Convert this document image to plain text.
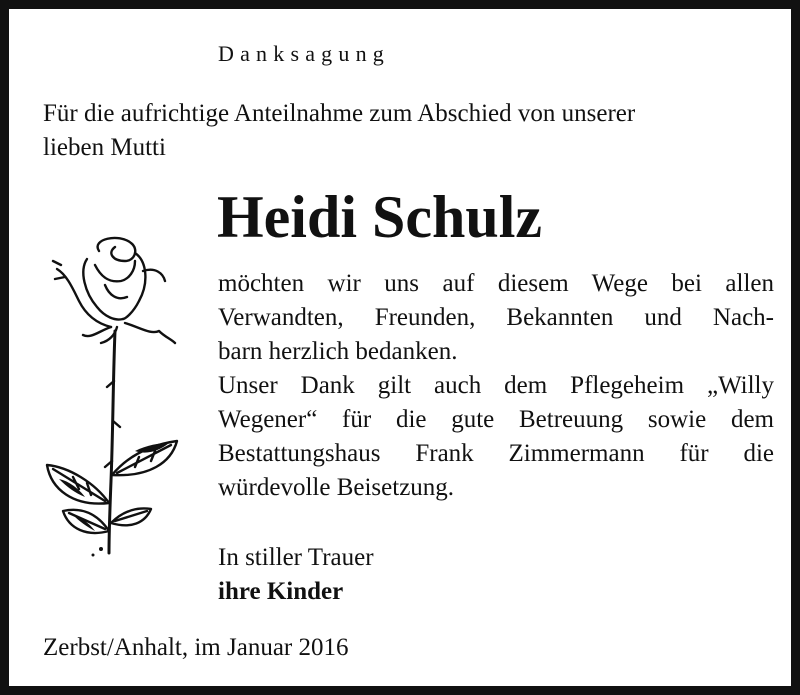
Danksagung
Für die aufrichtige Anteilnahme zum Abschied von unserer
lieben Mutti
Heidi Schulz
möchten wir uns auf diesem Wege bei allen
Verwandten, Freunden, Bekannten und Nach-
barn herzlich bedanken.
Unser Dank gilt auch dem Pflegeheim „Willy
Wegener“ für die gute Betreuung sowie dem
Bestattungshaus Frank Zimmermann für die
würdevolle Beisetzung.
In stiller Trauer
ihre Kinder
Zerbst/Anhalt, im Januar 2016
